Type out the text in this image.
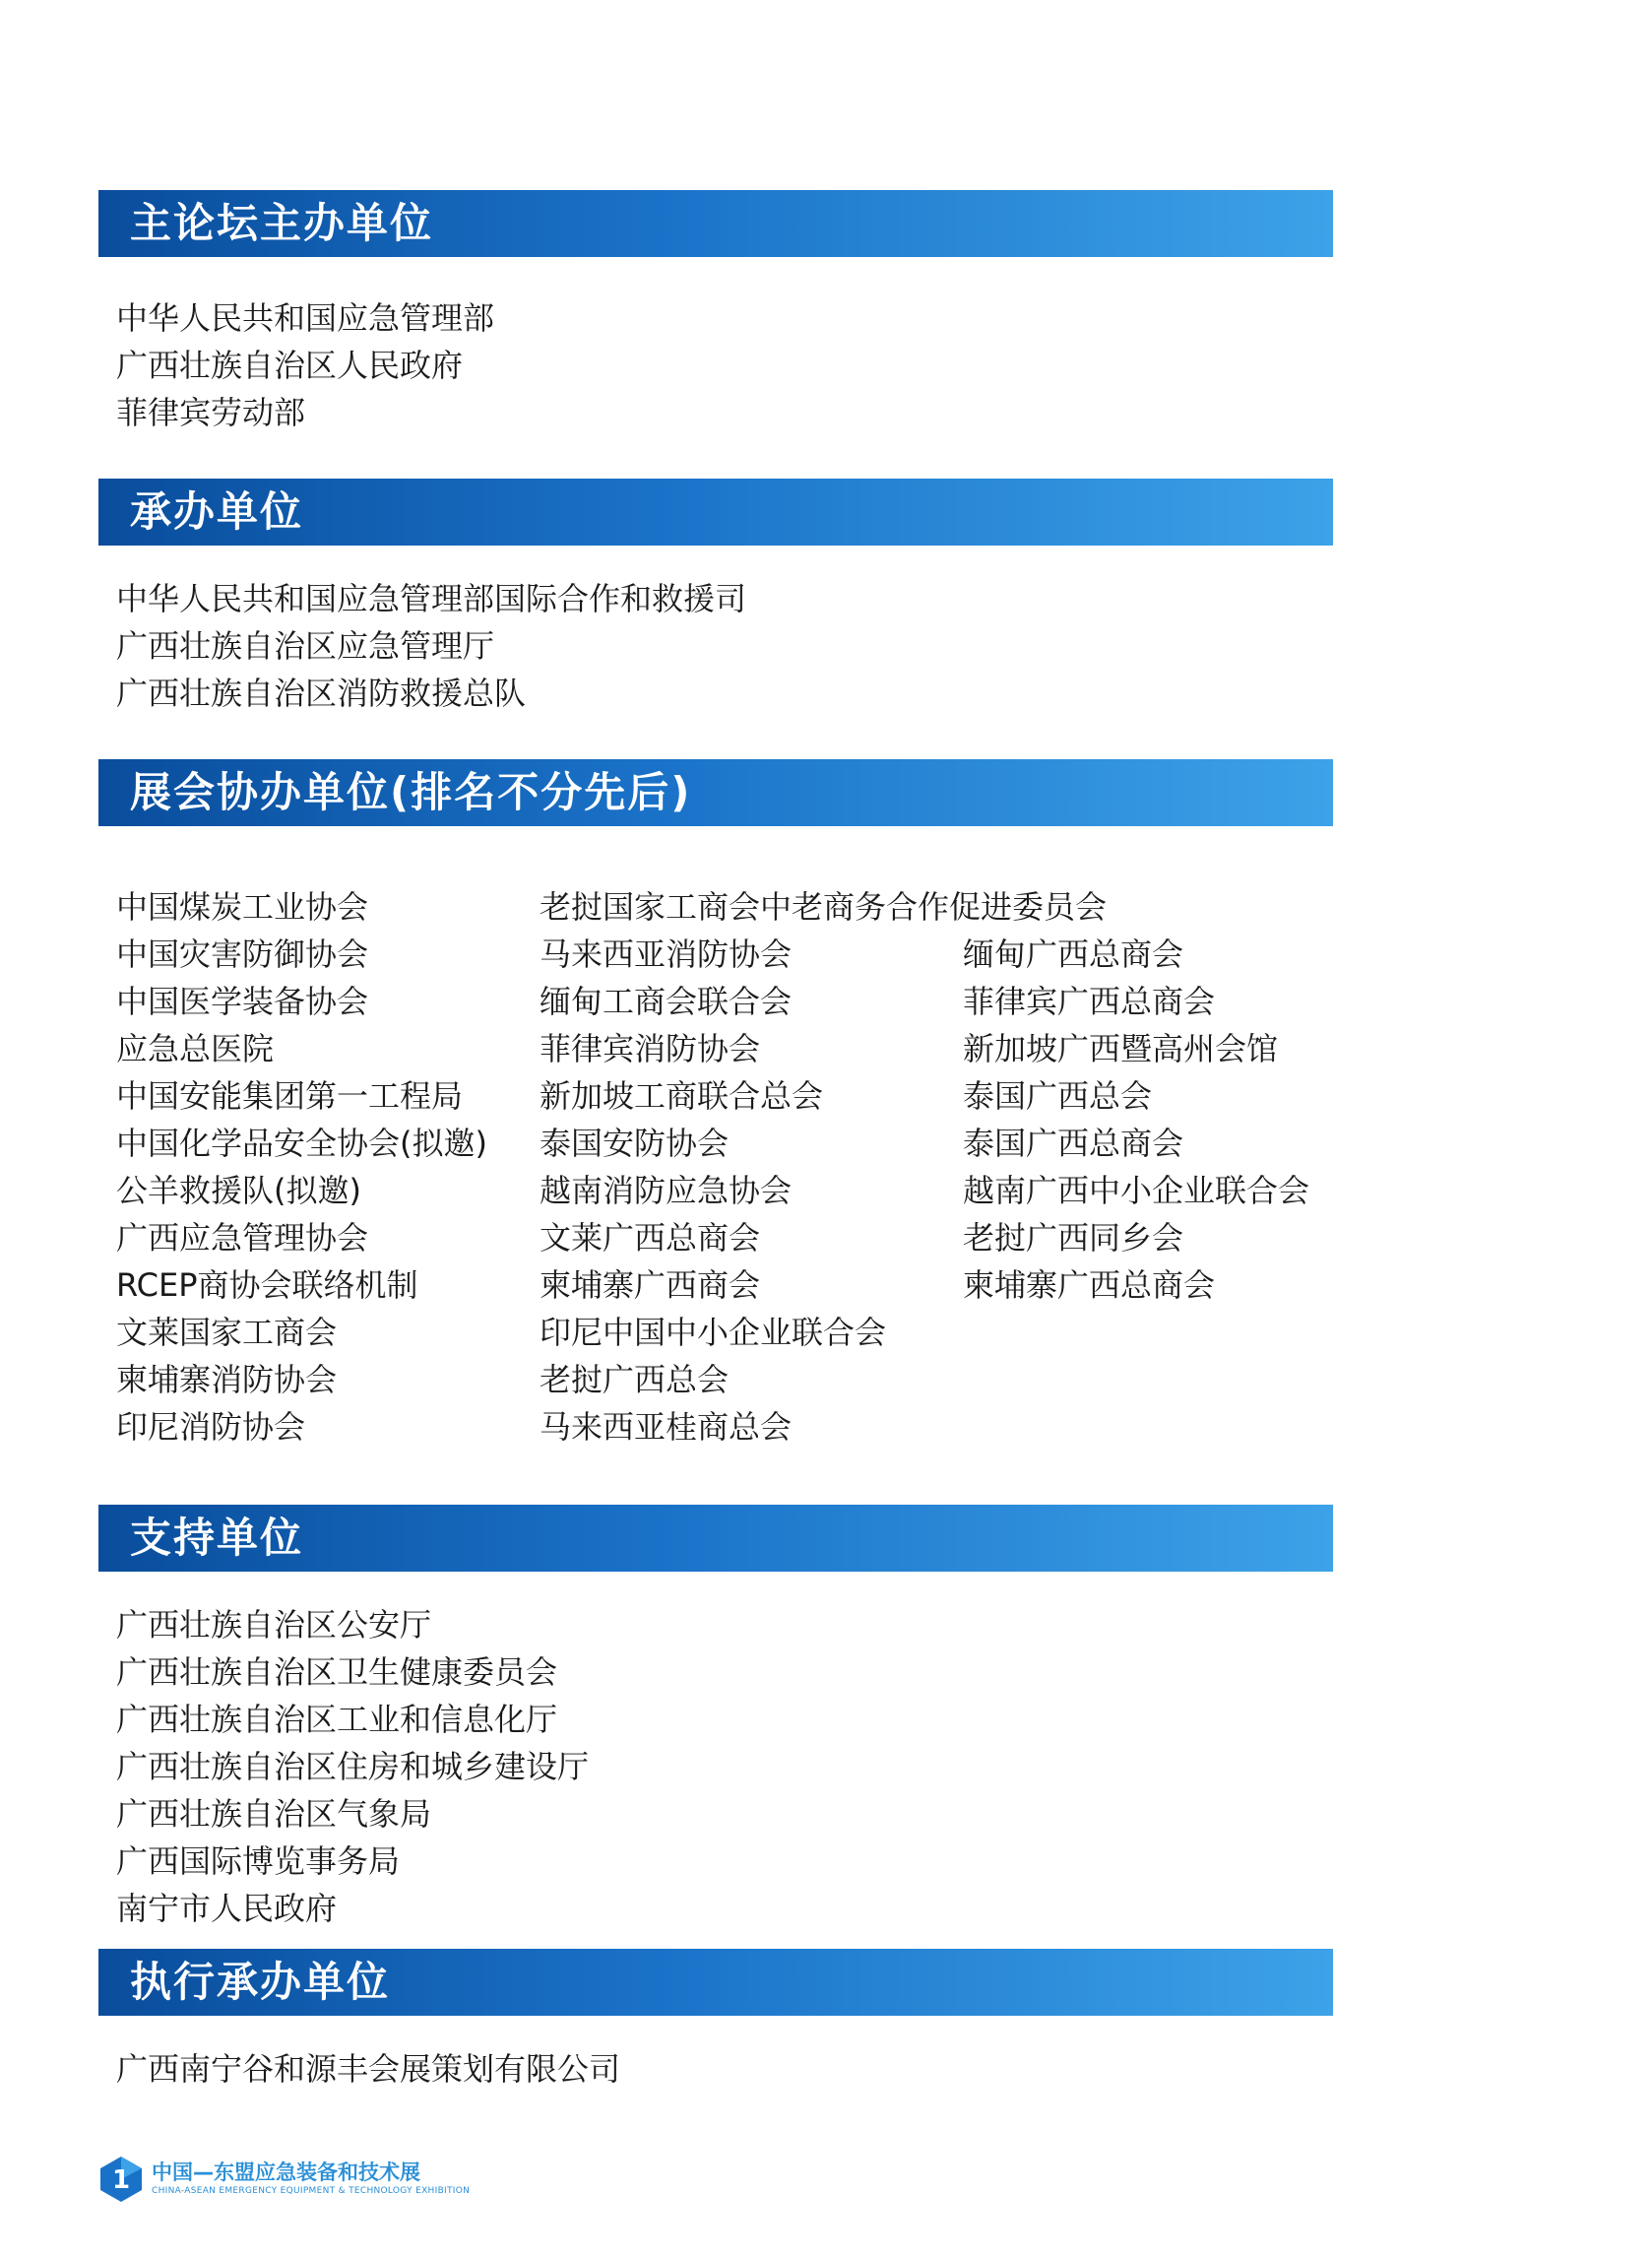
主论坛主办单位
中华人民共和国应急管理部
广西壮族自治区人民政府
菲律宾劳动部
承办单位
中华人民共和国应急管理部国际合作和救援司
广西壮族自治区应急管理厅
广西壮族自治区消防救援总队
展会协办单位(排名不分先后)
中国煤炭工业协会
中国灾害防御协会
中国医学装备协会
应急总医院
中国安能集团第一工程局
中国化学品安全协会(拟邀)
公羊救援队(拟邀)
广西应急管理协会
RCEP商协会联络机制
文莱国家工商会
柬埔寨消防协会
印尼消防协会
老挝国家工商会中老商务合作促进委员会
马来西亚消防协会
缅甸工商会联合会
菲律宾消防协会
新加坡工商联合总会
泰国安防协会
越南消防应急协会
文莱广西总商会
柬埔寨广西商会
印尼中国中小企业联合会
老挝广西总会
马来西亚桂商总会
缅甸广西总商会
菲律宾广西总商会
新加坡广西暨高州会馆
泰国广西总会
泰国广西总商会
越南广西中小企业联合会
老挝广西同乡会
柬埔寨广西总商会
支持单位
广西壮族自治区公安厅
广西壮族自治区卫生健康委员会
广西壮族自治区工业和信息化厅
广西壮族自治区住房和城乡建设厅
广西壮族自治区气象局
广西国际博览事务局
南宁市人民政府
执行承办单位
广西南宁谷和源丰会展策划有限公司
1 中国—东盟应急装备和技术展
CHINA-ASEAN EMERGENCY EQUIPMENT & TECHNOLOGY EXHIBITION
